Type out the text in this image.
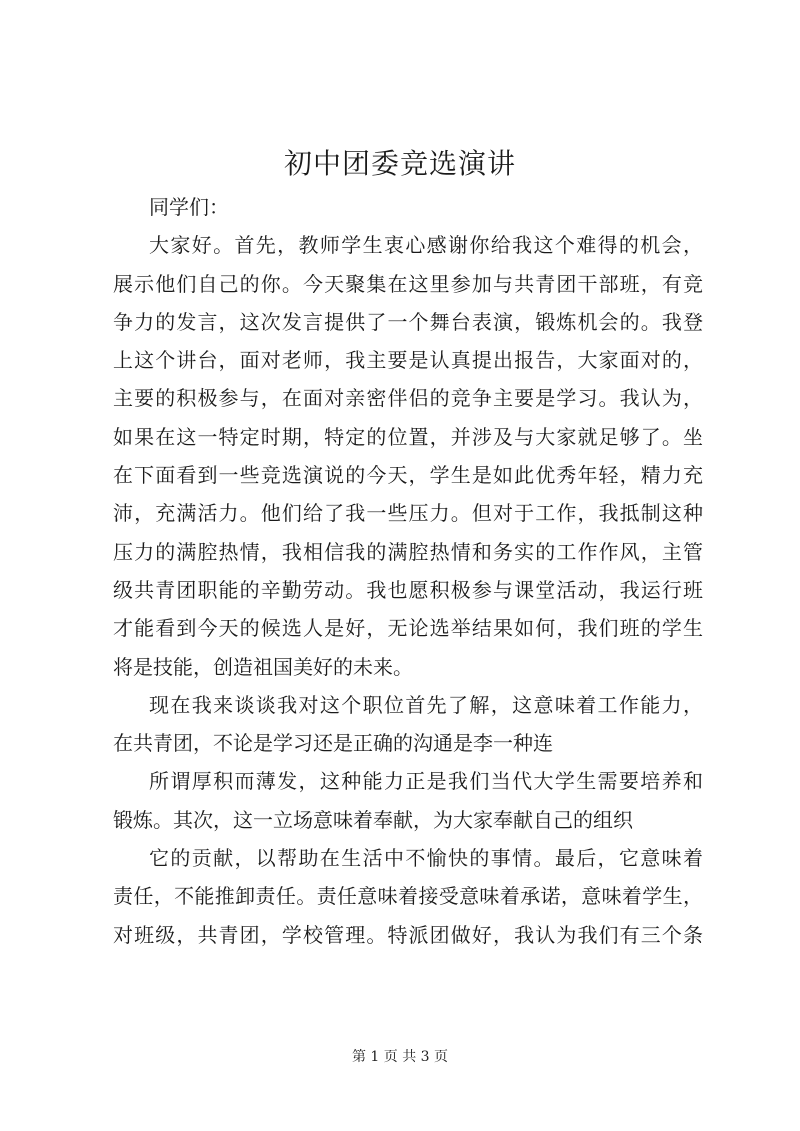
初中团委竞选演讲
同学们：
大家好。首先，教师学生衷心感谢你给我这个难得的机会，
展示他们自己的你。今天聚集在这里参加与共青团干部班，有竞
争力的发言，这次发言提供了一个舞台表演，锻炼机会的。我登
上这个讲台，面对老师，我主要是认真提出报告，大家面对的，
主要的积极参与，在面对亲密伴侣的竞争主要是学习。我认为，
如果在这一特定时期，特定的位置，并涉及与大家就足够了。坐
在下面看到一些竞选演说的今天，学生是如此优秀年轻，精力充
沛，充满活力。他们给了我一些压力。但对于工作，我抵制这种
压力的满腔热情，我相信我的满腔热情和务实的工作作风，主管
级共青团职能的辛勤劳动。我也愿积极参与课堂活动，我运行班
才能看到今天的候选人是好，无论选举结果如何，我们班的学生
将是技能，创造祖国美好的未来。
现在我来谈谈我对这个职位首先了解，这意味着工作能力，
在共青团，不论是学习还是正确的沟通是李一种连
所谓厚积而薄发，这种能力正是我们当代大学生需要培养和
锻炼。其次，这一立场意味着奉献，为大家奉献自己的组织
它的贡献，以帮助在生活中不愉快的事情。最后，它意味着
责任，不能推卸责任。责任意味着接受意味着承诺，意味着学生，
对班级，共青团，学校管理。特派团做好，我认为我们有三个条
第 1 页 共 3 页
